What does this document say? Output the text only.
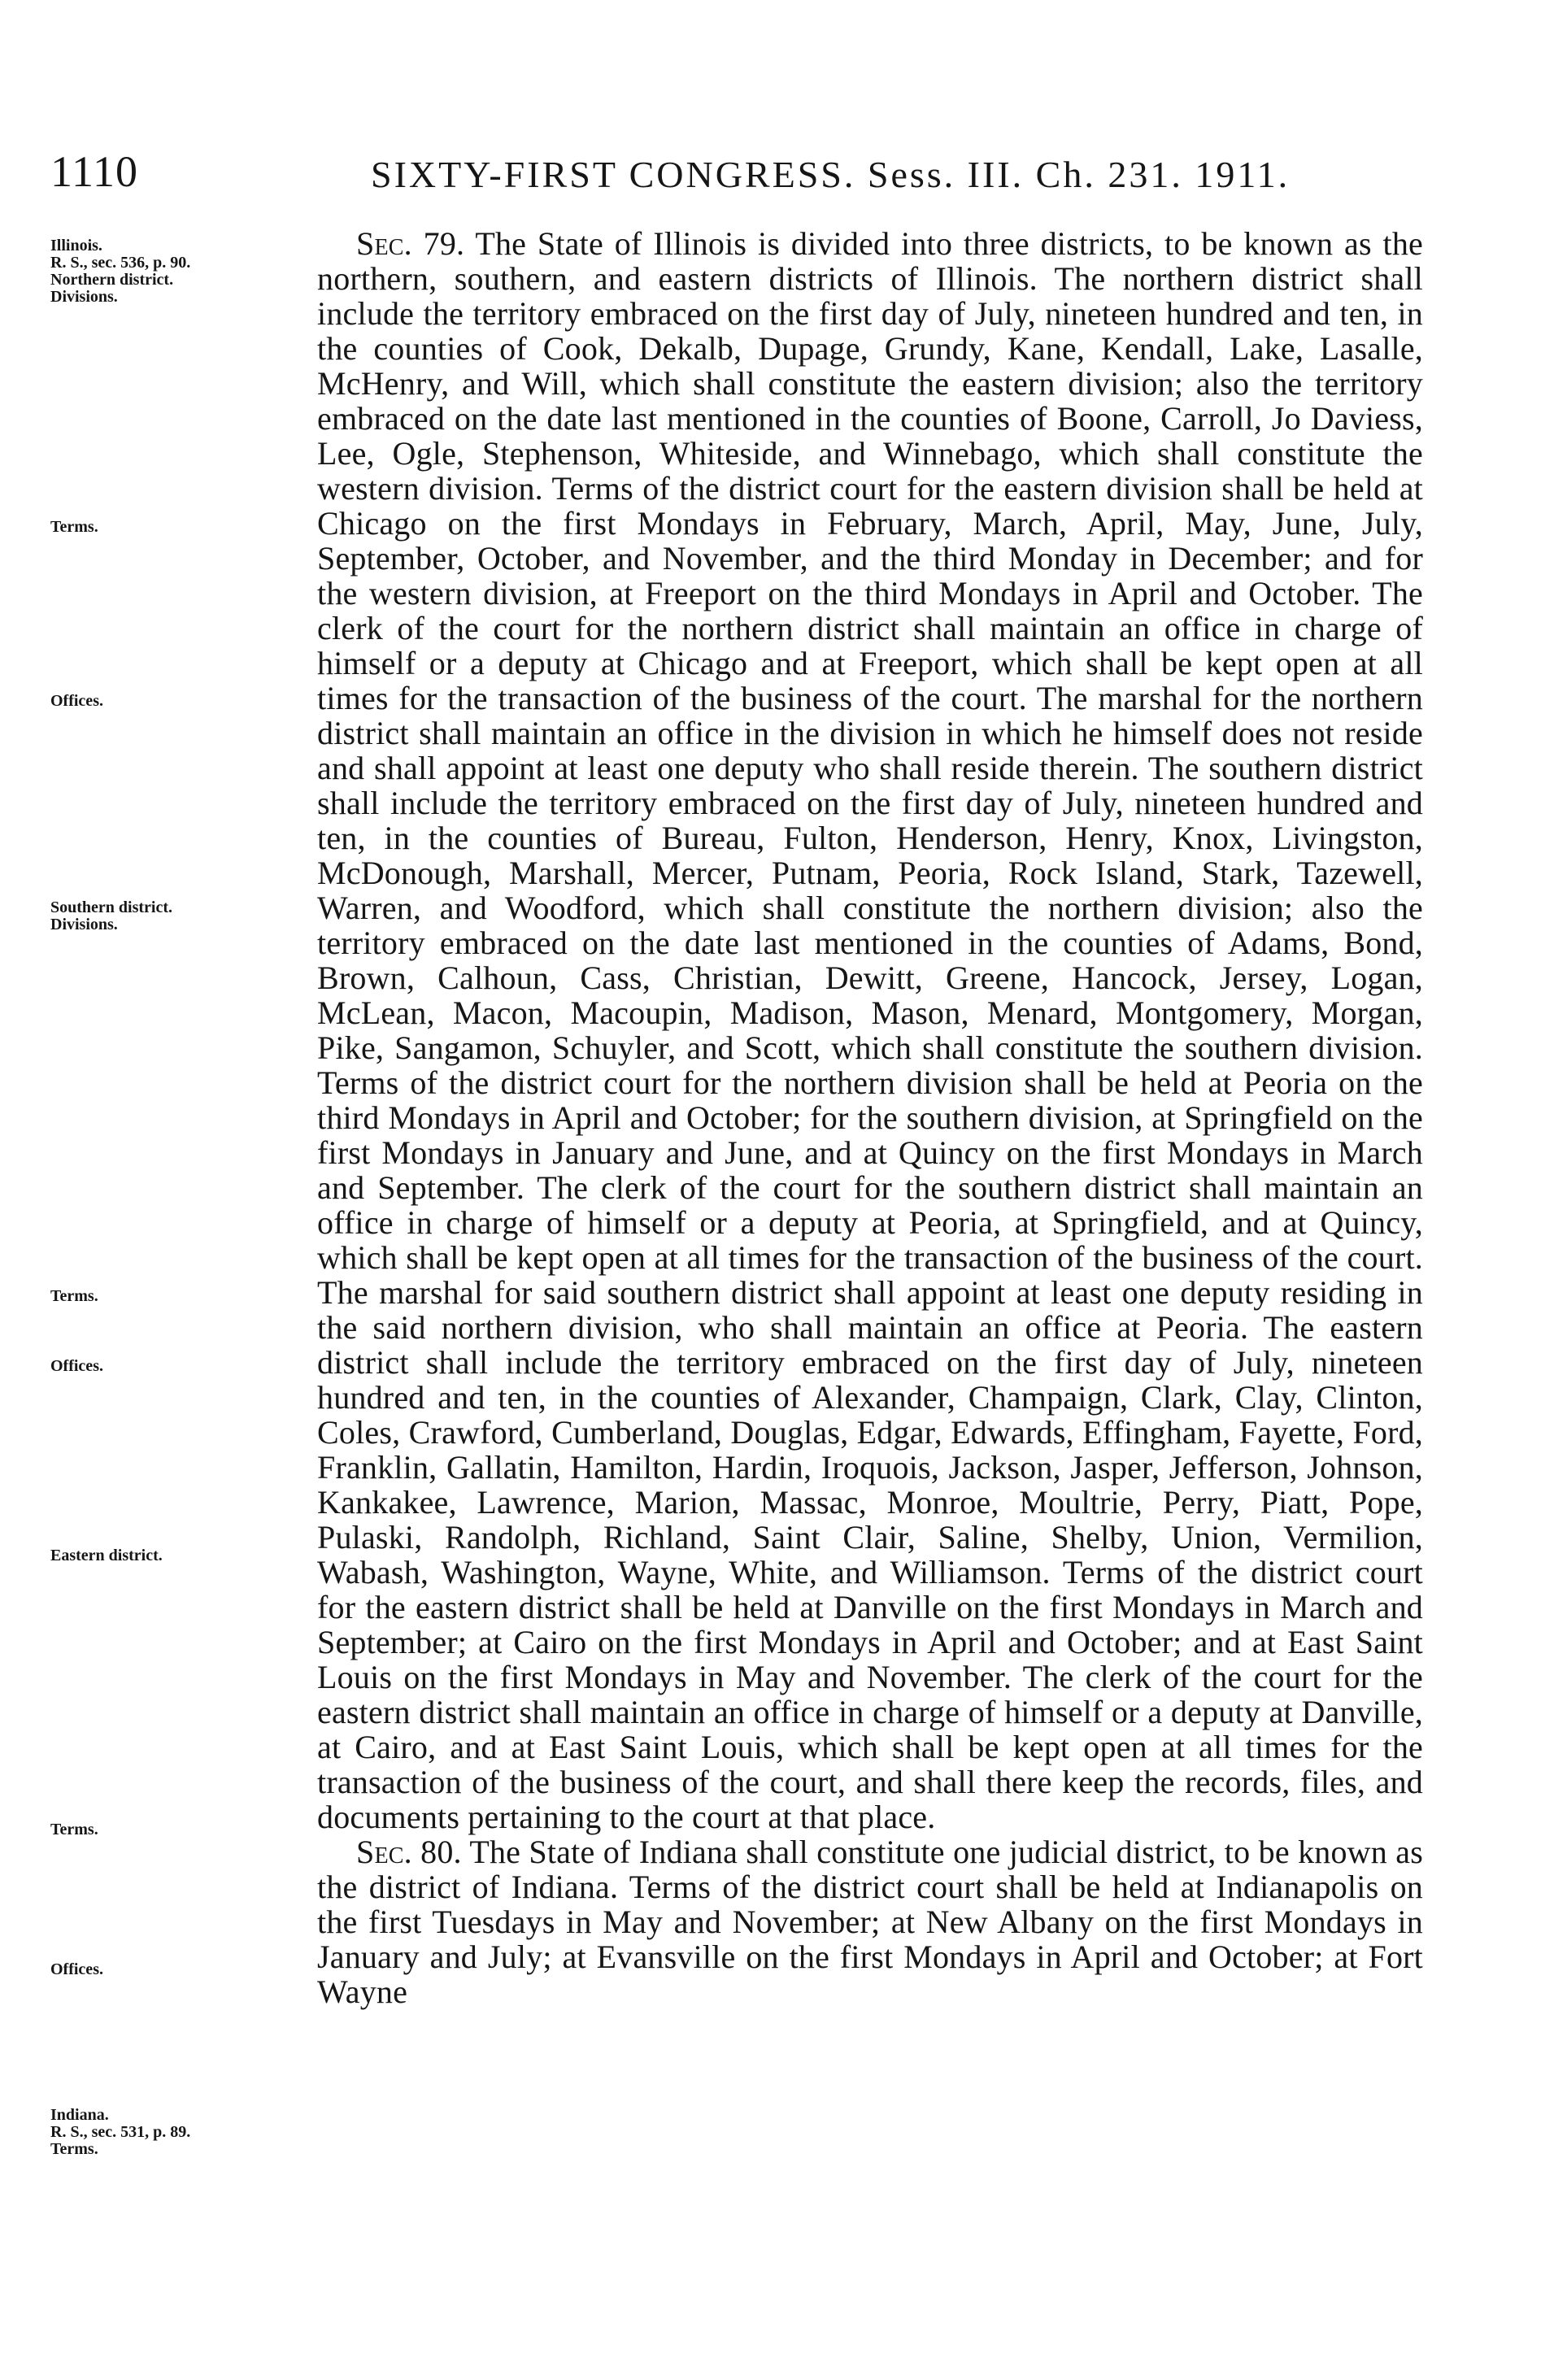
1110	SIXTY-FIRST CONGRESS. Sess. III. Ch. 231. 1911.
Illinois.
R. S., sec. 536, p. 90.
Northern district.
Divisions.
Terms.
Offices.
Southern district.
Divisions.
Terms.
Offices.
Eastern district.
Terms.
Offices.
Indiana.
R. S., sec. 531, p. 89.
Terms.

Sec. 79. The State of Illinois is divided into three districts, to be known as the northern, southern, and eastern districts of Illinois. The northern district shall include the territory embraced on the first day of July, nineteen hundred and ten, in the counties of Cook, Dekalb, Dupage, Grundy, Kane, Kendall, Lake, Lasalle, McHenry, and Will, which shall constitute the eastern division; also the territory embraced on the date last mentioned in the counties of Boone, Carroll, Jo Daviess, Lee, Ogle, Stephenson, Whiteside, and Winnebago, which shall constitute the western division. Terms of the district court for the eastern division shall be held at Chicago on the first Mondays in February, March, April, May, June, July, September, October, and November, and the third Monday in December; and for the western division, at Freeport on the third Mondays in April and October. The clerk of the court for the northern district shall maintain an office in charge of himself or a deputy at Chicago and at Freeport, which shall be kept open at all times for the transaction of the business of the court. The marshal for the northern district shall maintain an office in the division in which he himself does not reside and shall appoint at least one deputy who shall reside therein. The southern district shall include the territory embraced on the first day of July, nineteen hundred and ten, in the counties of Bureau, Fulton, Henderson, Henry, Knox, Livingston, McDonough, Marshall, Mercer, Putnam, Peoria, Rock Island, Stark, Tazewell, Warren, and Woodford, which shall constitute the northern division; also the territory embraced on the date last mentioned in the counties of Adams, Bond, Brown, Calhoun, Cass, Christian, Dewitt, Greene, Hancock, Jersey, Logan, McLean, Macon, Macoupin, Madison, Mason, Menard, Montgomery, Morgan, Pike, Sangamon, Schuyler, and Scott, which shall constitute the southern division. Terms of the district court for the northern division shall be held at Peoria on the third Mondays in April and October; for the southern division, at Springfield on the first Mondays in January and June, and at Quincy on the first Mondays in March and September. The clerk of the court for the southern district shall maintain an office in charge of himself or a deputy at Peoria, at Springfield, and at Quincy, which shall be kept open at all times for the transaction of the business of the court. The marshal for said southern district shall appoint at least one deputy residing in the said northern division, who shall maintain an office at Peoria. The eastern district shall include the territory embraced on the first day of July, nineteen hundred and ten, in the counties of Alexander, Champaign, Clark, Clay, Clinton, Coles, Crawford, Cumberland, Douglas, Edgar, Edwards, Effingham, Fayette, Ford, Franklin, Gallatin, Hamilton, Hardin, Iroquois, Jackson, Jasper, Jefferson, Johnson, Kankakee, Lawrence, Marion, Massac, Monroe, Moultrie, Perry, Piatt, Pope, Pulaski, Randolph, Richland, Saint Clair, Saline, Shelby, Union, Vermilion, Wabash, Washington, Wayne, White, and Williamson. Terms of the district court for the eastern district shall be held at Danville on the first Mondays in March and September; at Cairo on the first Mondays in April and October; and at East Saint Louis on the first Mondays in May and November. The clerk of the court for the eastern district shall maintain an office in charge of himself or a deputy at Danville, at Cairo, and at East Saint Louis, which shall be kept open at all times for the transaction of the business of the court, and shall there keep the records, files, and documents pertaining to the court at that place.

Sec. 80. The State of Indiana shall constitute one judicial district, to be known as the district of Indiana. Terms of the district court shall be held at Indianapolis on the first Tuesdays in May and November; at New Albany on the first Mondays in January and July; at Evansville on the first Mondays in April and October; at Fort Wayne
